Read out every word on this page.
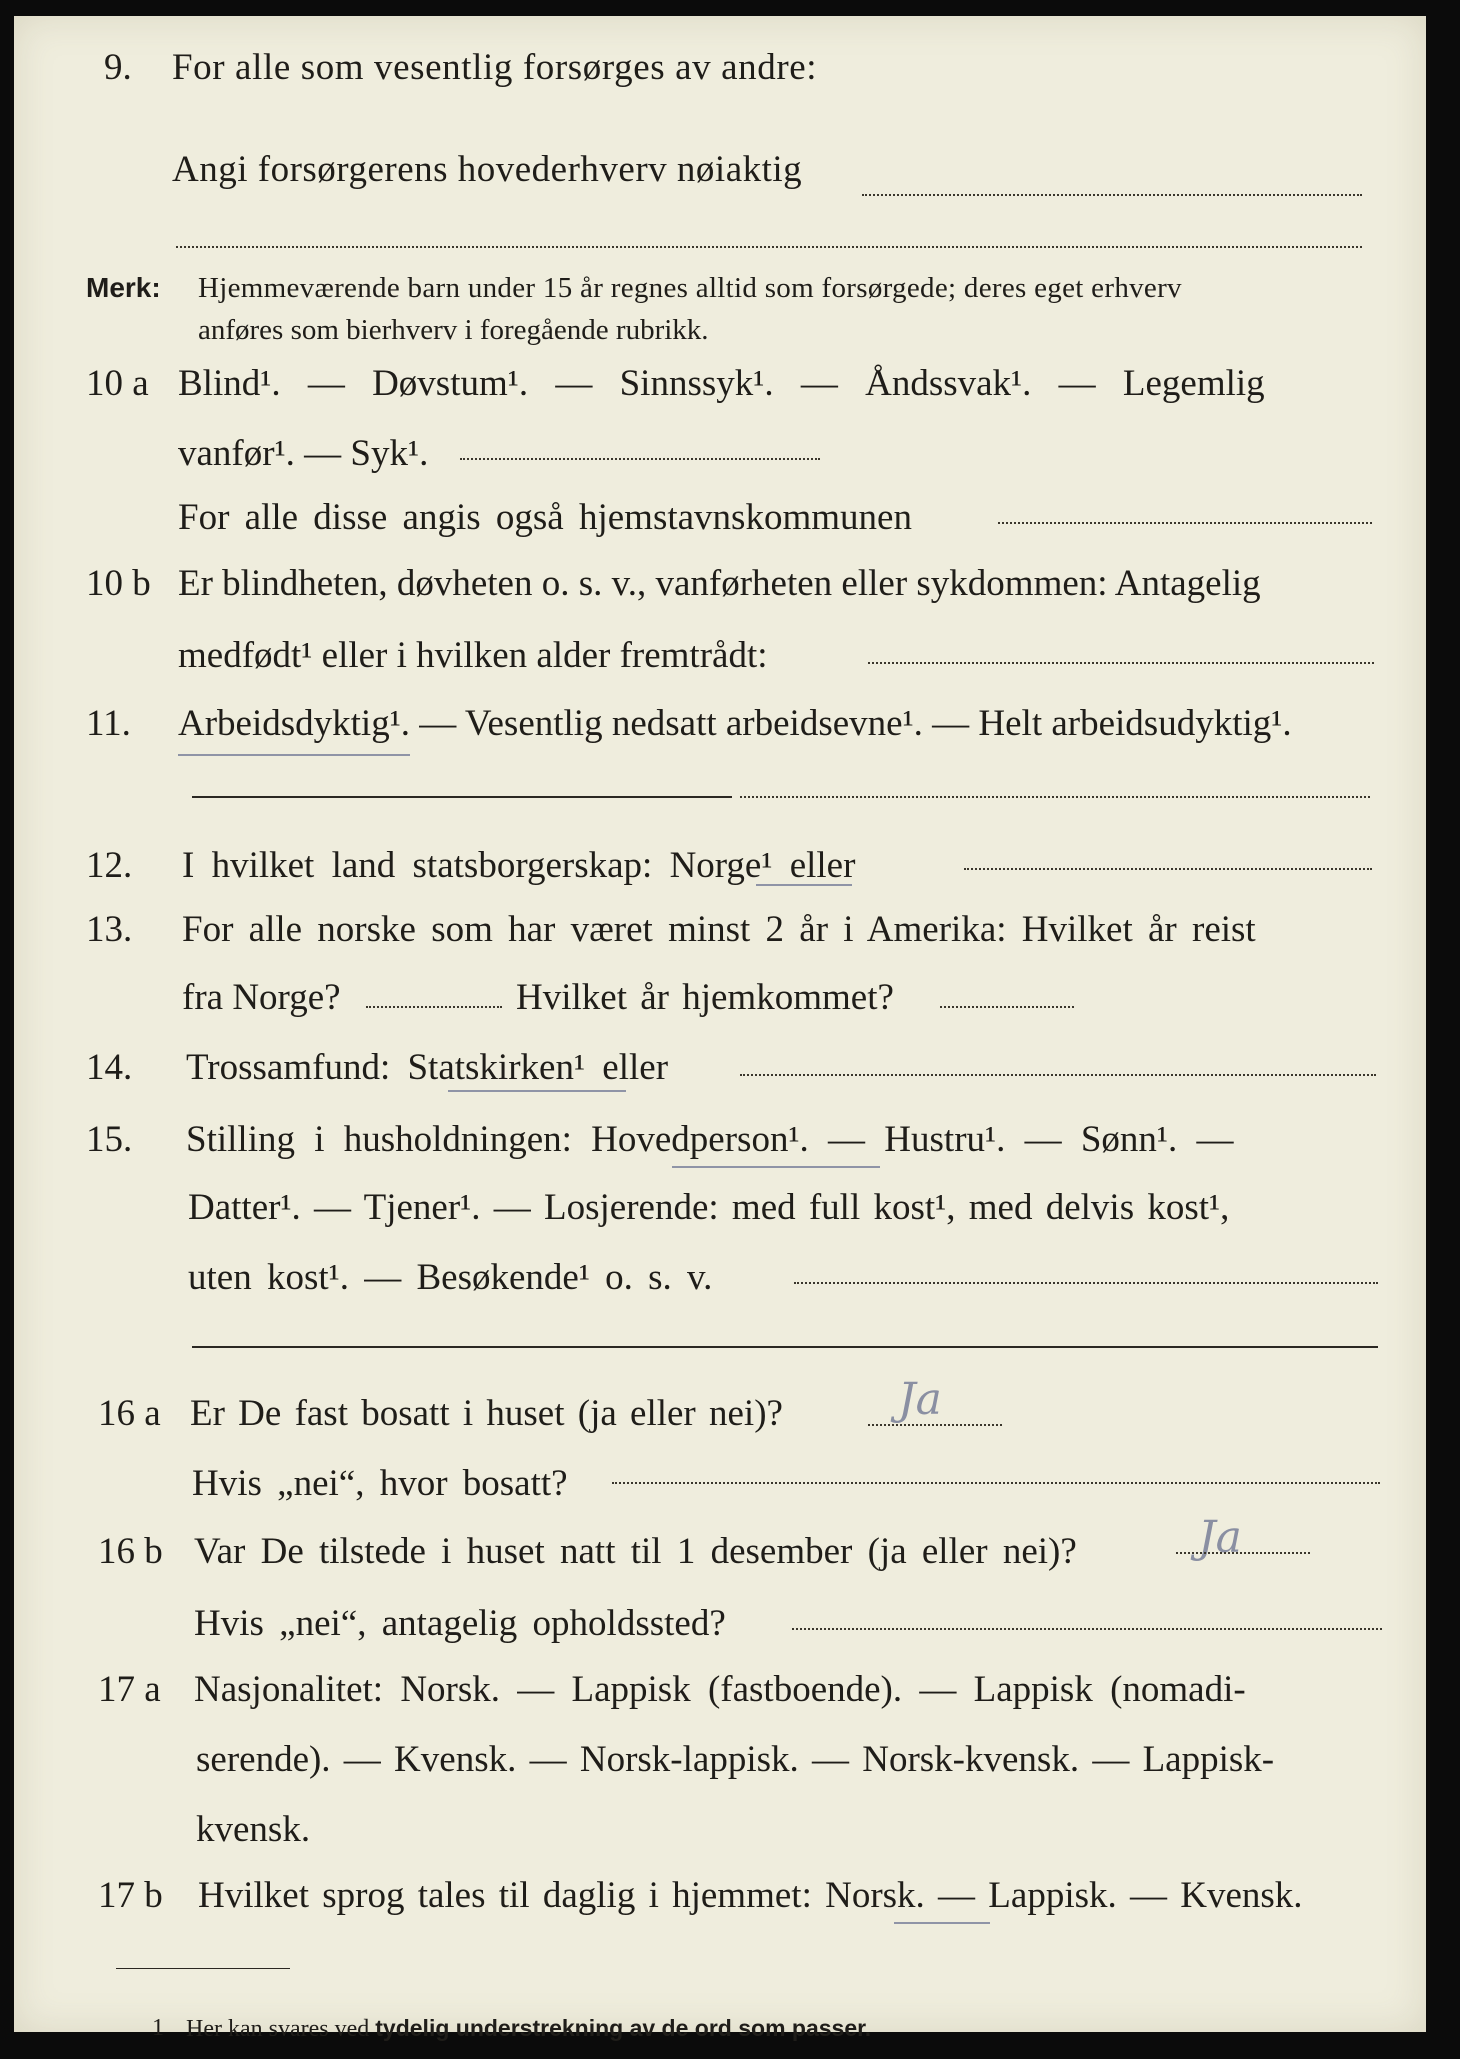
9. For alle som vesentlig forsørges av andre:
Angi forsørgerens hovederhverv nøiaktig
Merk: Hjemmeværende barn under 15 år regnes alltid som forsørgede; deres eget erhverv
anføres som bierhverv i foregående rubrikk.
10 a Blind¹. — Døvstum¹. — Sinnssyk¹. — Åndssvak¹. — Legemlig
vanfør¹. — Syk¹.
For alle disse angis også hjemstavnskommunen
10 b Er blindheten, døvheten o. s. v., vanførheten eller sykdommen: Antagelig
medfødt¹ eller i hvilken alder fremtrådt:
11. Arbeidsdyktig¹. — Vesentlig nedsatt arbeidsevne¹. — Helt arbeidsudyktig¹.
12. I hvilket land statsborgerskap: Norge¹ eller
13. For alle norske som har været minst 2 år i Amerika: Hvilket år reist
fra Norge?	Hvilket år hjemkommet?
14. Trossamfund: Statskirken¹ eller
15. Stilling i husholdningen: Hovedperson¹. — Hustru¹. — Sønn¹. —
Datter¹. — Tjener¹. — Losjerende: med full kost¹, med delvis kost¹,
uten kost¹. — Besøkende¹ o. s. v.
16 a Er De fast bosatt i huset (ja eller nei)?	Ja
Hvis „nei“, hvor bosatt?
16 b Var De tilstede i huset natt til 1 desember (ja eller nei)?	Ja
Hvis „nei“, antagelig opholdssted?
17 a Nasjonalitet: Norsk. — Lappisk (fastboende). — Lappisk (nomadi-
serende). — Kvensk. — Norsk-lappisk. — Norsk-kvensk. — Lappisk-
kvensk.
17 b Hvilket sprog tales til daglig i hjemmet: Norsk. — Lappisk. — Kvensk.
1 Her kan svares ved tydelig understrekning av de ord som passer.
